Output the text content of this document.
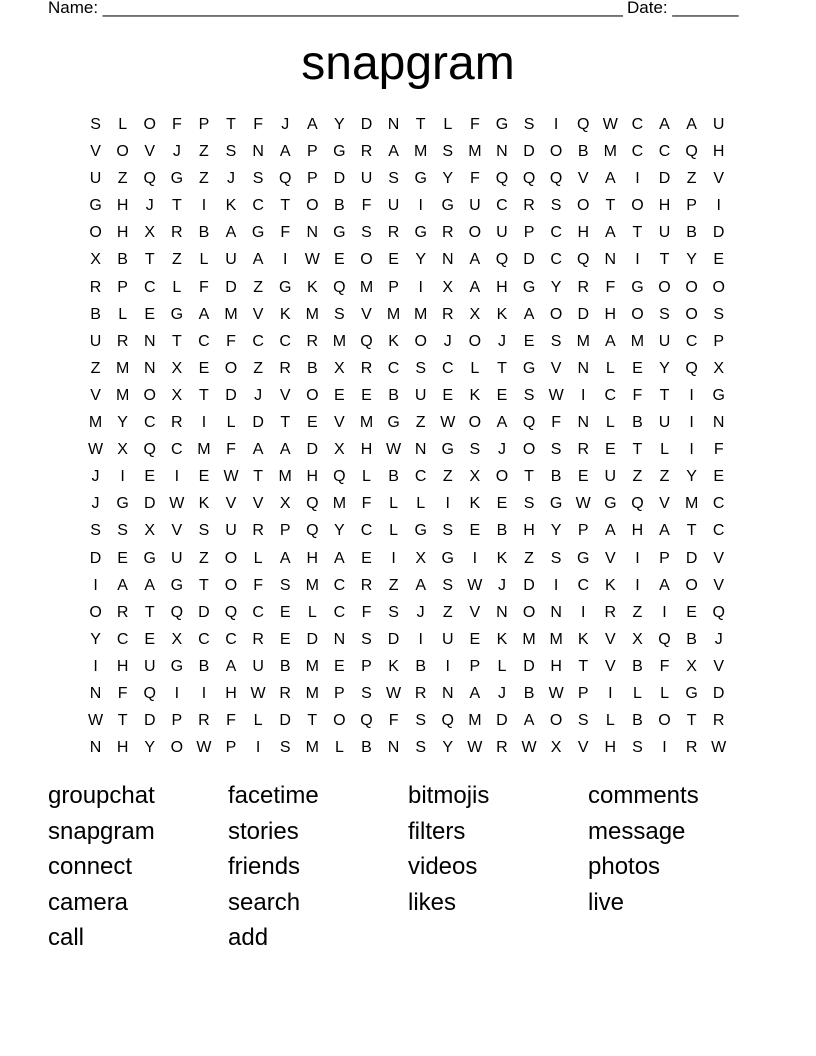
Name: _______________________________________________________ Date: _______
snapgram
S	L	O F	P	T	F	J	A	Y D N	T	L	F G S	I	Q W C A	A U
V O V	J	Z	S N A	P G R A M S M N D O B M C C Q H
U	Z Q G Z	J	S Q P D U S G Y	F Q Q Q V	A	I	D	Z	V
G H	J	T	I	K C	T O B	F	U	I	G U C R S O T O H P	I
O H X R B	A G F	N G S R G R O U P C H A	T	U B D
X	B	T	Z	L	U A	I	W E O E	Y N A Q D C Q N	I	T	Y	E
R P C	L	F	D	Z G K Q M P	I	X	A H G Y R	F G O O O
B	L	E G A M V	K M S	V M M R X	K	A O D H O S O S
U R N	T	C	F	C C R M Q K O	J	O	J	E	S M A M U C P
Z M N X	E O Z	R B	X R C S C	L	T G V N	L	E	Y Q X
V M O X	T	D	J	V O E	E	B U E	K	E	S W	I	C	F	T	I	G
M Y C R	I	L	D	T	E	V M G Z W O A Q F	N	L	B U	I	N
W X Q C M F	A	A D X H W N G S	J	O S R E	T	L	I	F
J	I	E	I	E W T M H Q	L	B C	Z	X O T	B	E U	Z	Z	Y	E
J	G D W K	V	V	X Q M F	L	L	I	K	E	S G W G Q V M C
S	S	X	V	S U R P Q Y C	L	G S	E	B H Y	P	A H A	T	C
D E G U	Z O	L	A H A	E	I	X G	I	K	Z	S G V	I	P D V
I	A	A G T O F	S M C R	Z	A	S W J	D	I	C K	I	A O V
O R	T Q D Q C E	L	C	F	S	J	Z	V N O N	I	R	Z	I	E Q
Y C E	X C C R E D N S D	I	U E	K M M K	V	X Q B	J
I	H U G B	A U B M E	P	K	B	I	P	L	D H	T	V	B	F	X	V
N	F Q	I	I	H W R M P	S W R N A	J	B W P	I	L	L	G D
W T	D P R	F	L	D	T O Q F	S Q M D A O S	L	B O T	R
N H Y O W P	I	S M L	B N S	Y W R W X	V H S	I	R W
groupchat	facetime	bitmojis	comments
snapgram	stories	filters	message
connect	friends	videos	photos
camera	search	likes	live
call	add
